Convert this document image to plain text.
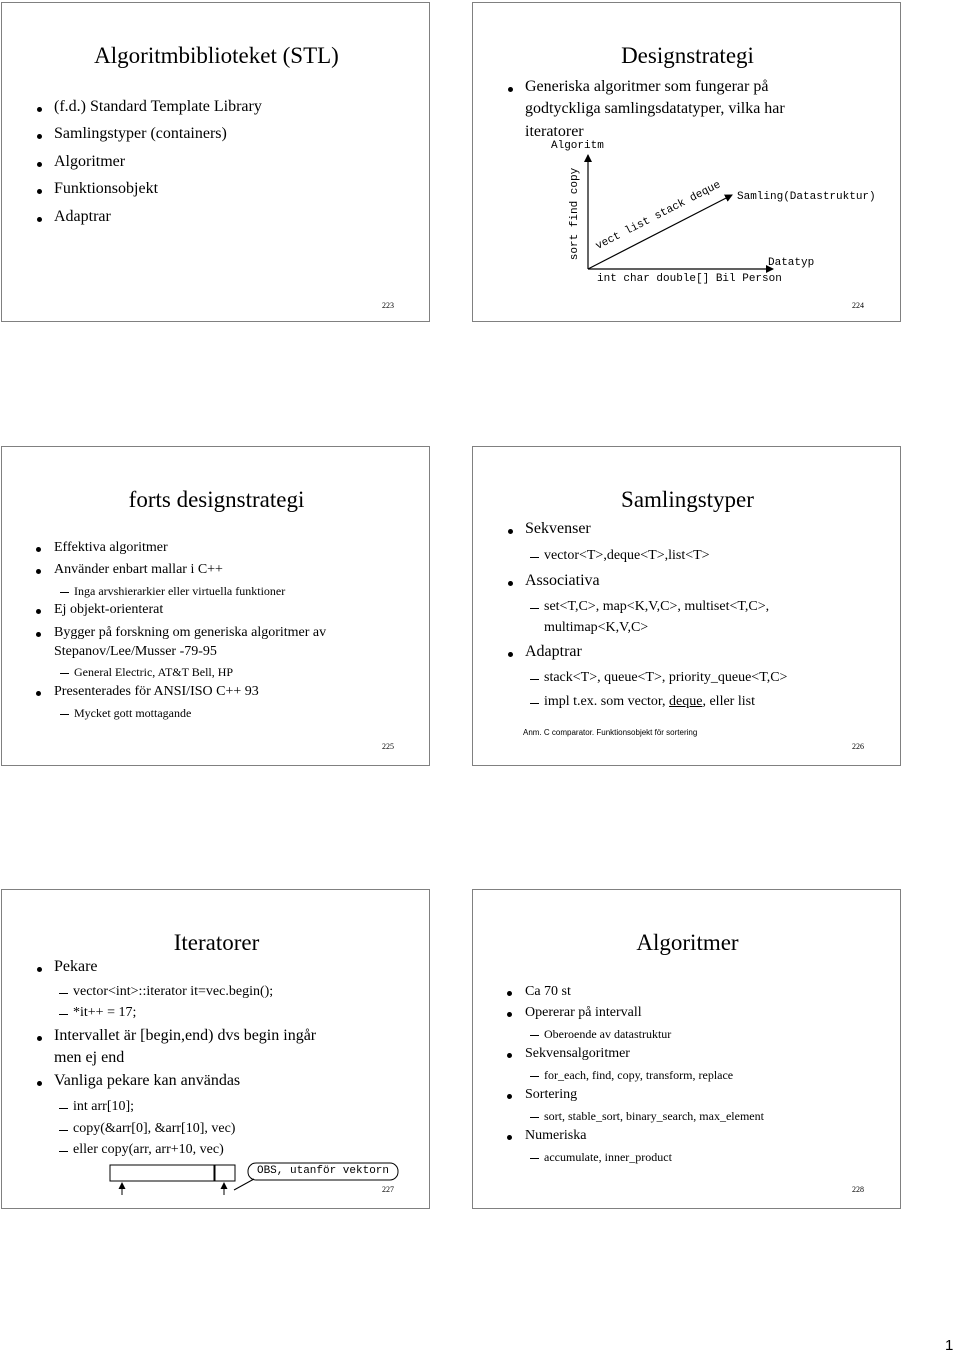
Algoritmbiblioteket (STL)
(f.d.) Standard Template Library
Samlingstyper (containers)
Algoritmer
Funktionsobjekt
Adaptrar
223
Designstrategi
Generiska algoritmer som fungerar på
godtyckliga samlingsdatatyper, vilka har
iteratorer
Algoritm
sort find copy vect list stack deque Samling(Datastruktur)
Datatyp
int char double[] Bil Person
224
forts designstrategi
Effektiva algoritmer
Använder enbart mallar i C++
Inga arvshierarkier eller virtuella funktioner
Ej objekt-orienterat
Bygger på forskning om generiska algoritmer av
Stepanov/Lee/Musser -79-95
General Electric, AT&T Bell, HP
Presenterades för ANSI/ISO C++ 93
Mycket gott mottagande
225
Samlingstyper
Sekvenser
vector<T>,deque<T>,list<T>
Associativa
set<T,C>, map<K,V,C>, multiset<T,C>,
multimap<K,V,C>
Adaptrar
stack<T>, queue<T>, priority_queue<T,C>
impl t.ex. som vector, deque, eller list
Anm. C comparator. Funktionsobjekt för sortering
226
Iteratorer
Pekare
vector<int>::iterator it=vec.begin();
*it++ = 17;
Intervallet är [begin,end) dvs begin ingår
men ej end
Vanliga pekare kan användas
int arr[10];
copy(&arr[0], &arr[10], vec)
eller copy(arr, arr+10, vec)
OBS, utanför vektorn
227
Algoritmer
Ca 70 st
Opererar på intervall
Oberoende av datastruktur
Sekvensalgoritmer
for_each, find, copy, transform, replace
Sortering
sort, stable_sort, binary_search, max_element
Numeriska
accumulate, inner_product
228
1
